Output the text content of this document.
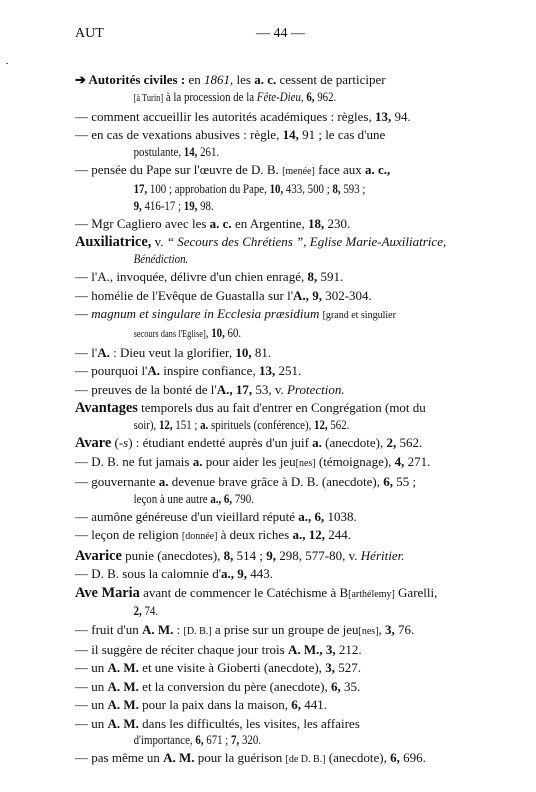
AUT	— 44 —
➔ Autorités civiles : en 1861, les a. c. cessent de participer
[à Turin] à la procession de la Fête-Dieu, 6, 962.
— comment accueillir les autorités académiques : règles, 13, 94.
— en cas de vexations abusives : règle, 14, 91 ; le cas d'une
postulante, 14, 261.
— pensée du Pape sur l'œuvre de D. B. [menée] face aux a. c.,
17, 100 ; approbation du Pape, 10, 433, 500 ; 8, 593 ;
9, 416-17 ; 19, 98.
— Mgr Cagliero avec les a. c. en Argentine, 18, 230.
Auxiliatrice, v. “ Secours des Chrétiens ”, Eglise Marie-Auxiliatrice,
Bénédiction.
— l'A., invoquée, délivre d'un chien enragé, 8, 591.
— homélie de l'Evêque de Guastalla sur l'A., 9, 302-304.
— magnum et singulare in Ecclesia præsidium [grand et singulier
secours dans l'Eglise], 10, 60.
— l'A. : Dieu veut la glorifier, 10, 81.
— pourquoi l'A. inspire confiance, 13, 251.
— preuves de la bonté de l'A., 17, 53, v. Protection.
Avantages temporels dus au fait d'entrer en Congrégation (mot du
soir), 12, 151 ; a. spirituels (conférence), 12, 562.
Avare (-s) : étudiant endetté auprès d'un juif a. (anecdote), 2, 562.
— D. B. ne fut jamais a. pour aider les jeu[nes] (témoignage), 4, 271.
— gouvernante a. devenue brave grâce à D. B. (anecdote), 6, 55 ;
leçon à une autre a., 6, 790.
— aumône généreuse d'un vieillard réputé a., 6, 1038.
— leçon de religion [donnée] à deux riches a., 12, 244.
Avarice punie (anecdotes), 8, 514 ; 9, 298, 577-80, v. Héritier.
— D. B. sous la calomnie d'a., 9, 443.
Ave Maria avant de commencer le Catéchisme à B[arthélemy] Garelli,
2, 74.
— fruit d'un A. M. : [D. B.] a prise sur un groupe de jeu[nes], 3, 76.
— il suggère de réciter chaque jour trois A. M., 3, 212.
— un A. M. et une visite à Gioberti (anecdote), 3, 527.
— un A. M. et la conversion du père (anecdote), 6, 35.
— un A. M. pour la paix dans la maison, 6, 441.
— un A. M. dans les difficultés, les visites, les affaires
d'importance, 6, 671 ; 7, 320.
— pas même un A. M. pour la guérison [de D. B.] (anecdote), 6, 696.
